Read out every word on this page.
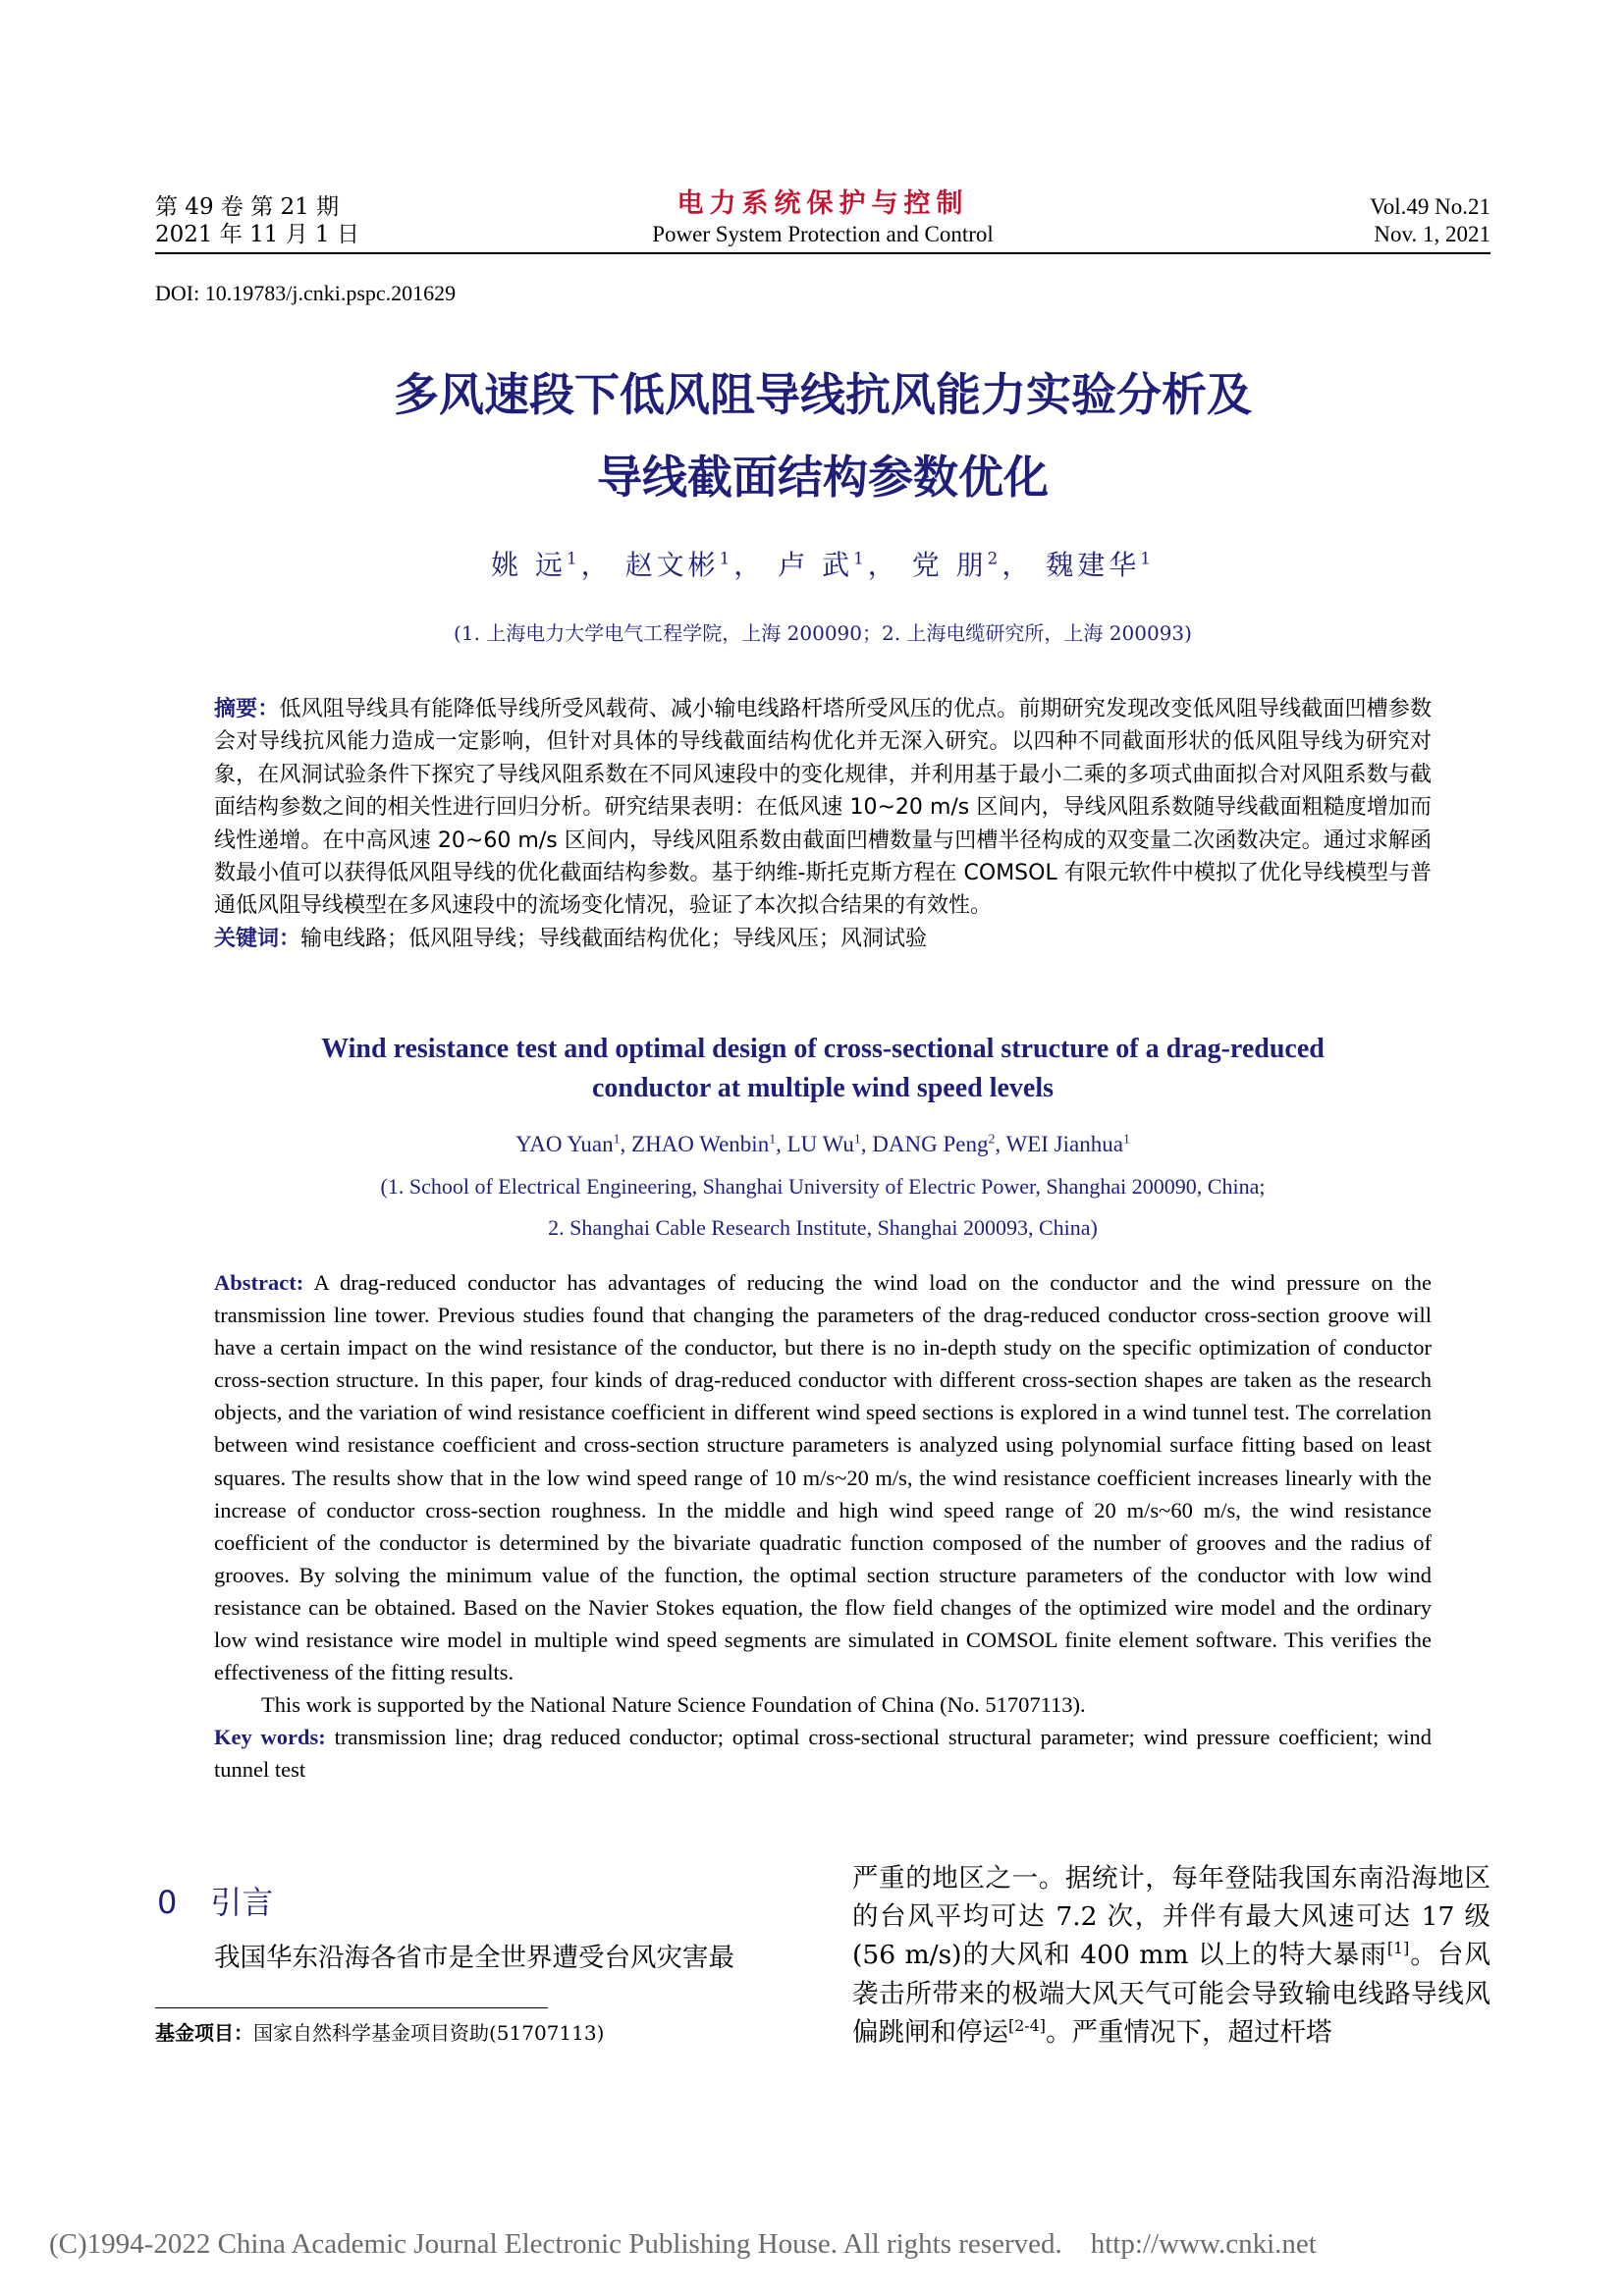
第 49 卷 第 21 期
2021 年 11 月 1 日
电力系统保护与控制
Power System Protection and Control
Vol.49 No.21
Nov. 1, 2021
DOI: 10.19783/j.cnki.pspc.201629
多风速段下低风阻导线抗风能力实验分析及
导线截面结构参数优化
姚 远$^1$， 赵文彬$^1$， 卢 武$^1$， 党 朋$^2$， 魏建华$^1$
(1. 上海电力大学电气工程学院，上海 200090；2. 上海电缆研究所，上海 200093)
摘要：低风阻导线具有能降低导线所受风载荷、减小输电线路杆塔所受风压的优点。前期研究发现改变低风阻导线截面凹槽参数会对导线抗风能力造成一定影响，但针对具体的导线截面结构优化并无深入研究。以四种不同截面形状的低风阻导线为研究对象，在风洞试验条件下探究了导线风阻系数在不同风速段中的变化规律，并利用基于最小二乘的多项式曲面拟合对风阻系数与截面结构参数之间的相关性进行回归分析。研究结果表明：在低风速 10~20 m/s 区间内，导线风阻系数随导线截面粗糙度增加而线性递增。在中高风速 20~60 m/s 区间内，导线风阻系数由截面凹槽数量与凹槽半径构成的双变量二次函数决定。通过求解函数最小值可以获得低风阻导线的优化截面结构参数。基于纳维-斯托克斯方程在 COMSOL 有限元软件中模拟了优化导线模型与普通低风阻导线模型在多风速段中的流场变化情况，验证了本次拟合结果的有效性。
关键词：输电线路；低风阻导线；导线截面结构优化；导线风压；风洞试验
Wind resistance test and optimal design of cross-sectional structure of a drag-reduced
conductor at multiple wind speed levels
YAO Yuan$^1$, ZHAO Wenbin$^1$, LU Wu$^1$, DANG Peng$^2$, WEI Jianhua$^1$
(1. School of Electrical Engineering, Shanghai University of Electric Power, Shanghai 200090, China;
2. Shanghai Cable Research Institute, Shanghai 200093, China)
Abstract: A drag-reduced conductor has advantages of reducing the wind load on the conductor and the wind pressure on the transmission line tower. Previous studies found that changing the parameters of the drag-reduced conductor cross-section groove will have a certain impact on the wind resistance of the conductor, but there is no in-depth study on the specific optimization of conductor cross-section structure. In this paper, four kinds of drag-reduced conductor with different cross-section shapes are taken as the research objects, and the variation of wind resistance coefficient in different wind speed sections is explored in a wind tunnel test. The correlation between wind resistance coefficient and cross-section structure parameters is analyzed using polynomial surface fitting based on least squares. The results show that in the low wind speed range of 10 m/s~20 m/s, the wind resistance coefficient increases linearly with the increase of conductor cross-section roughness. In the middle and high wind speed range of 20 m/s~60 m/s, the wind resistance coefficient of the conductor is determined by the bivariate quadratic function composed of the number of grooves and the radius of grooves. By solving the minimum value of the function, the optimal section structure parameters of the conductor with low wind resistance can be obtained. Based on the Navier Stokes equation, the flow field changes of the optimized wire model and the ordinary low wind resistance wire model in multiple wind speed segments are simulated in COMSOL finite element software. This verifies the effectiveness of the fitting results.
This work is supported by the National Nature Science Foundation of China (No. 51707113).
Key words: transmission line; drag reduced conductor; optimal cross-sectional structural parameter; wind pressure coefficient; wind tunnel test
0 引言
我国华东沿海各省市是全世界遭受台风灾害最
严重的地区之一。据统计，每年登陆我国东南沿海地区的台风平均可达 7.2 次，并伴有最大风速可达 17 级(56 m/s)的大风和 400 mm 以上的特大暴雨[1]。台风袭击所带来的极端大风天气可能会导致输电线路导线风偏跳闸和停运[2-4]。严重情况下，超过杆塔
基金项目：国家自然科学基金项目资助(51707113)
(C)1994-2022 China Academic Journal Electronic Publishing House. All rights reserved.    http://www.cnki.net
